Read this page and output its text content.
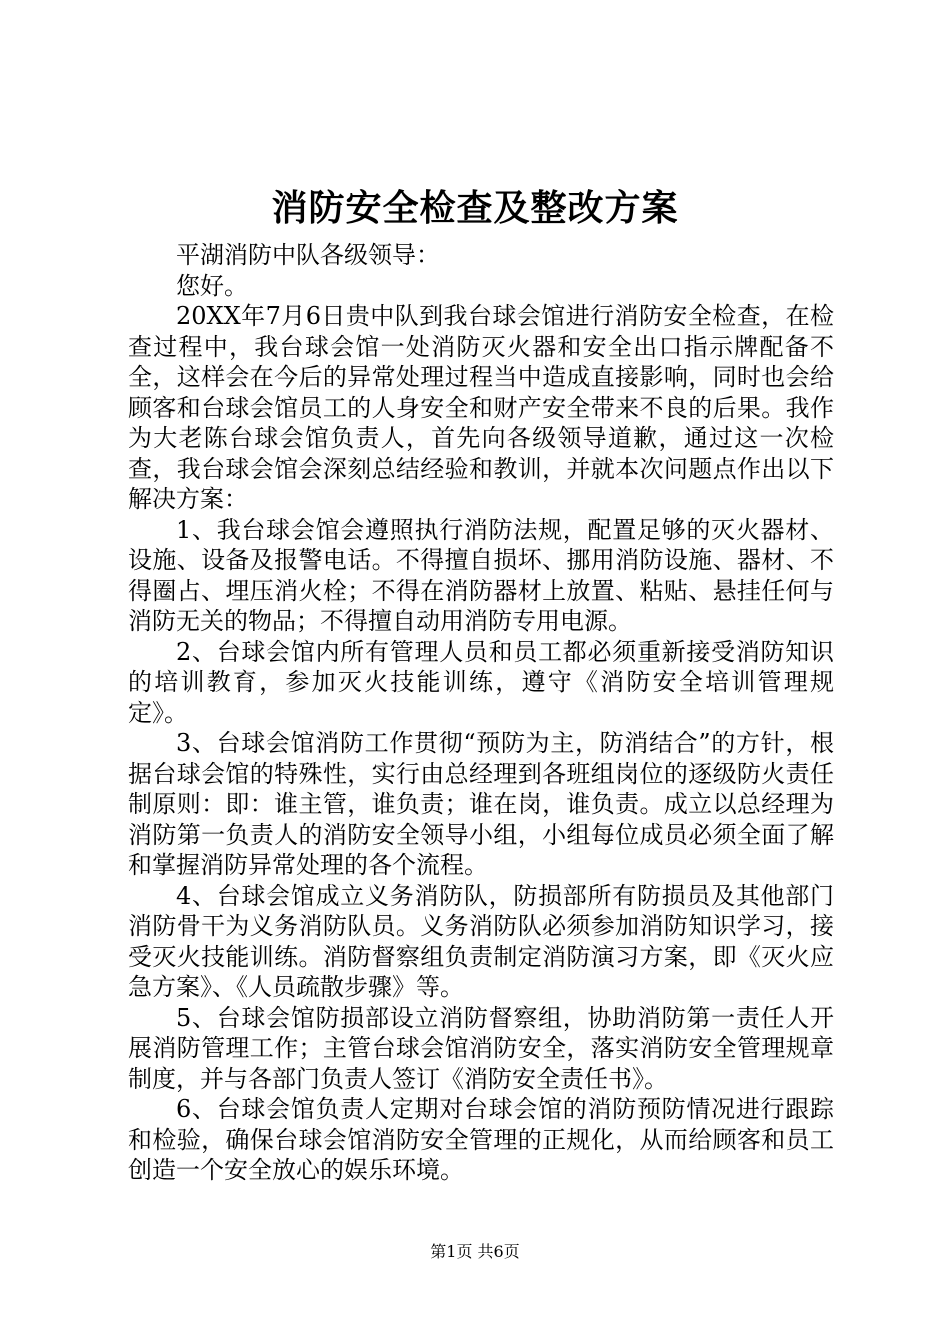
消防安全检查及整改方案

平湖消防中队各级领导：

您好。

20XX年7月6日贵中队到我台球会馆进行消防安全检查，在检查过程中，我台球会馆一处消防灭火器和安全出口指示牌配备不全，这样会在今后的异常处理过程当中造成直接影响，同时也会给顾客和台球会馆员工的人身安全和财产安全带来不良的后果。我作为大老陈台球会馆负责人，首先向各级领导道歉，通过这一次检查，我台球会馆会深刻总结经验和教训，并就本次问题点作出以下解决方案：

1、我台球会馆会遵照执行消防法规，配置足够的灭火器材、设施、设备及报警电话。不得擅自损坏、挪用消防设施、器材、不得圈占、埋压消火栓；不得在消防器材上放置、粘贴、悬挂任何与消防无关的物品；不得擅自动用消防专用电源。

2、台球会馆内所有管理人员和员工都必须重新接受消防知识的培训教育，参加灭火技能训练，遵守《消防安全培训管理规定》。

3、台球会馆消防工作贯彻“预防为主，防消结合”的方针，根据台球会馆的特殊性，实行由总经理到各班组岗位的逐级防火责任制原则：即：谁主管，谁负责；谁在岗，谁负责。成立以总经理为消防第一负责人的消防安全领导小组，小组每位成员必须全面了解和掌握消防异常处理的各个流程。

4、台球会馆成立义务消防队，防损部所有防损员及其他部门消防骨干为义务消防队员。义务消防队必须参加消防知识学习，接受灭火技能训练。消防督察组负责制定消防演习方案，即《灭火应急方案》、《人员疏散步骤》等。

5、台球会馆防损部设立消防督察组，协助消防第一责任人开展消防管理工作；主管台球会馆消防安全，落实消防安全管理规章制度，并与各部门负责人签订《消防安全责任书》。

6、台球会馆负责人定期对台球会馆的消防预防情况进行跟踪和检验，确保台球会馆消防安全管理的正规化，从而给顾客和员工创造一个安全放心的娱乐环境。

第1页 共6页
